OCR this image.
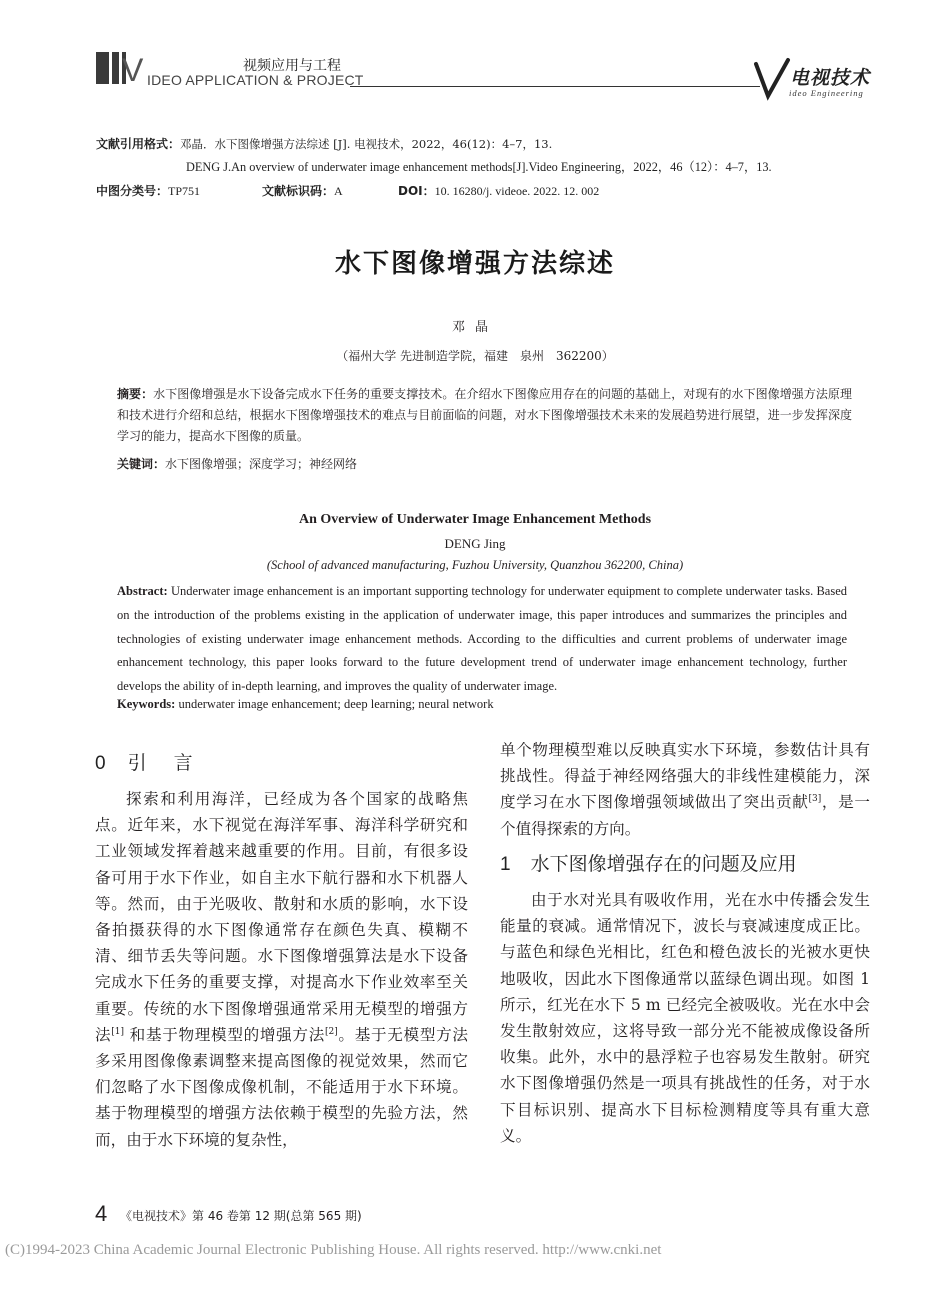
V	视频应用与工程
IDEO APPLICATION & PROJECT	电视技术
ideo Engineering
文献引用格式：邓晶．水下图像增强方法综述 [J]. 电视技术，2022，46(12)：4–7，13.
DENG J.An overview of underwater image enhancement methods[J].Video Engineering，2022，46（12）：4–7，13.
中图分类号：TP751	文献标识码：A	DOI：10. 16280/j. videoe. 2022. 12. 002
水下图像增强方法综述
邓晶
（福州大学 先进制造学院，福建　泉州　362200）
摘要：水下图像增强是水下设备完成水下任务的重要支撑技术。在介绍水下图像应用存在的问题的基础上，对现有的水下图像增强方法原理和技术进行介绍和总结，根据水下图像增强技术的难点与目前面临的问题，对水下图像增强技术未来的发展趋势进行展望，进一步发挥深度学习的能力，提高水下图像的质量。
关键词：水下图像增强；深度学习；神经网络
An Overview of Underwater Image Enhancement Methods
DENG Jing
(School of advanced manufacturing, Fuzhou University, Quanzhou 362200, China)
Abstract: Underwater image enhancement is an important supporting technology for underwater equipment to complete underwater tasks. Based on the introduction of the problems existing in the application of underwater image, this paper introduces and summarizes the principles and technologies of existing underwater image enhancement methods. According to the difficulties and current problems of underwater image enhancement technology, this paper looks forward to the future development trend of underwater image enhancement technology, further develops the ability of in-depth learning, and improves the quality of underwater image.
Keywords: underwater image enhancement; deep learning; neural network
0 引　言
探索和利用海洋，已经成为各个国家的战略焦点。近年来，水下视觉在海洋军事、海洋科学研究和工业领域发挥着越来越重要的作用。目前，有很多设备可用于水下作业，如自主水下航行器和水下机器人等。然而，由于光吸收、散射和水质的影响，水下设备拍摄获得的水下图像通常存在颜色失真、模糊不清、细节丢失等问题。水下图像增强算法是水下设备完成水下任务的重要支撑，对提高水下作业效率至关重要。传统的水下图像增强通常采用无模型的增强方法[1] 和基于物理模型的增强方法[2]。基于无模型方法多采用图像像素调整来提高图像的视觉效果，然而它们忽略了水下图像成像机制，不能适用于水下环境。基于物理模型的增强方法依赖于模型的先验方法，然而，由于水下环境的复杂性，
单个物理模型难以反映真实水下环境，参数估计具有挑战性。得益于神经网络强大的非线性建模能力，深度学习在水下图像增强领域做出了突出贡献[3]，是一个值得探索的方向。
1 水下图像增强存在的问题及应用
由于水对光具有吸收作用，光在水中传播会发生能量的衰减。通常情况下，波长与衰减速度成正比。与蓝色和绿色光相比，红色和橙色波长的光被水更快地吸收，因此水下图像通常以蓝绿色调出现。如图 1 所示，红光在水下 5 m 已经完全被吸收。光在水中会发生散射效应，这将导致一部分光不能被成像设备所收集。此外，水中的悬浮粒子也容易发生散射。研究水下图像增强仍然是一项具有挑战性的任务，对于水下目标识别、提高水下目标检测精度等具有重大意义。
4 《电视技术》第 46 卷第 12 期(总第 565 期)
(C)1994-2023 China Academic Journal Electronic Publishing House. All rights reserved. http://www.cnki.net
